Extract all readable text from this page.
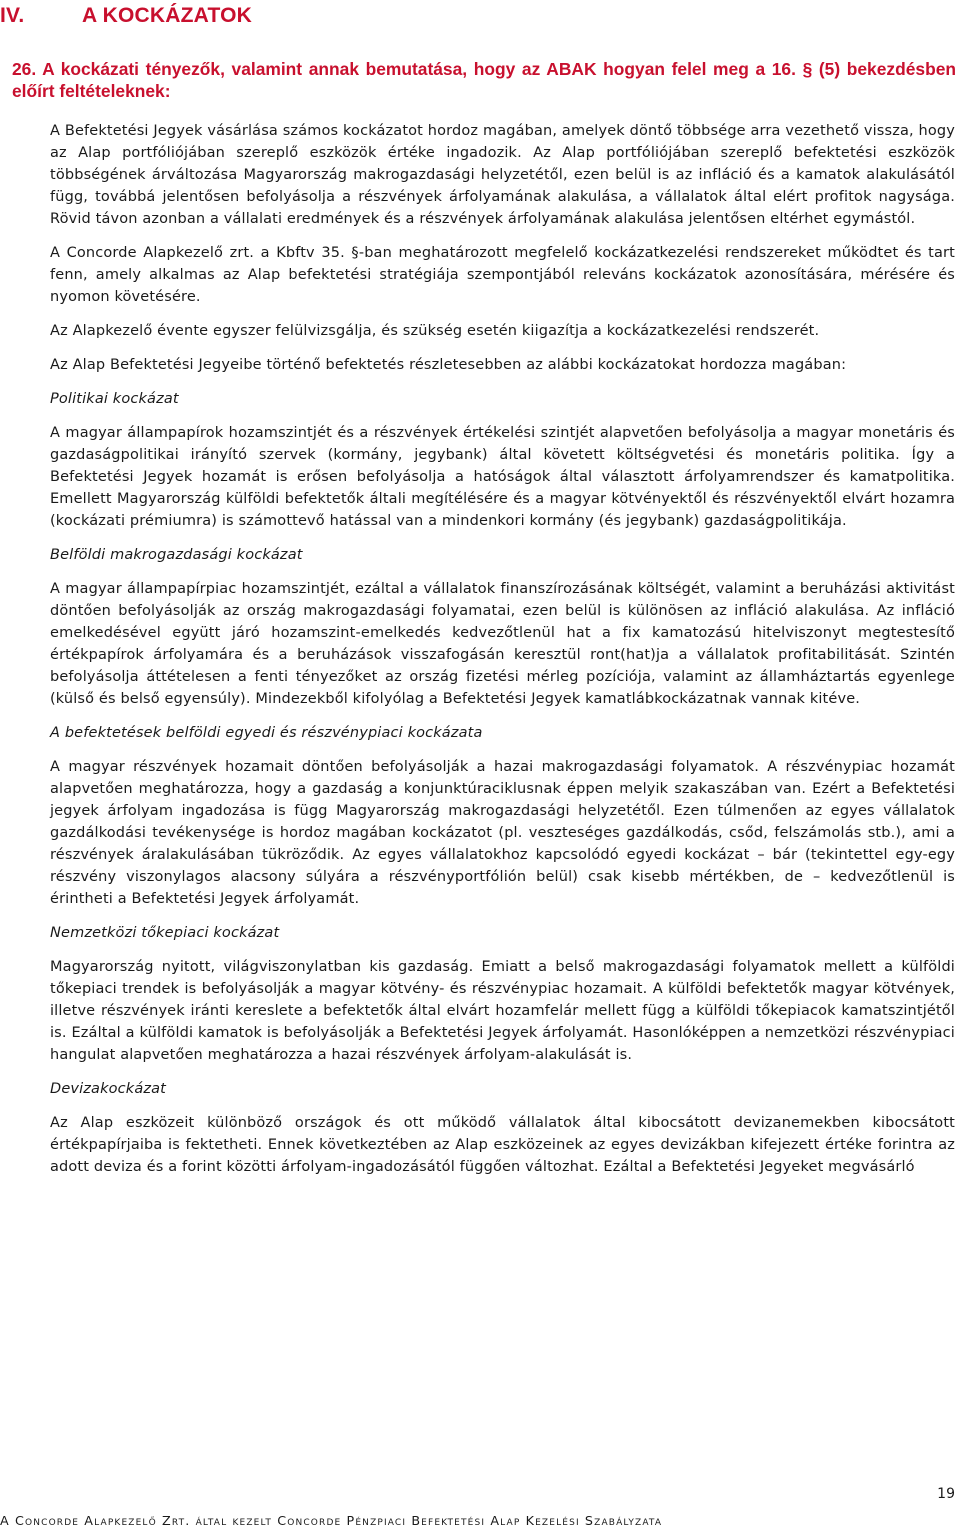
IV.	A KOCKÁZATOK
26. A kockázati tényezők, valamint annak bemutatása, hogy az ABAK hogyan felel meg a 16. § (5) bekezdésben előírt feltételeknek:

A Befektetési Jegyek vásárlása számos kockázatot hordoz magában, amelyek döntő többsége arra vezethető vissza, hogy az Alap portfóliójában szereplő eszközök értéke ingadozik. Az Alap portfóliójában szereplő befektetési eszközök többségének árváltozása Magyarország makrogazdasági helyzetétől, ezen belül is az infláció és a kamatok alakulásától függ, továbbá jelentősen befolyásolja a részvények árfolyamának alakulása, a vállalatok által elért profitok nagysága. Rövid távon azonban a vállalati eredmények és a részvények árfolyamának alakulása jelentősen eltérhet egymástól.

A Concorde Alapkezelő zrt. a Kbftv 35. §-ban meghatározott megfelelő kockázatkezelési rendszereket működtet és tart fenn, amely alkalmas az Alap befektetési stratégiája szempontjából releváns kockázatok azonosítására, mérésére és nyomon követésére.

Az Alapkezelő évente egyszer felülvizsgálja, és szükség esetén kiigazítja a kockázatkezelési rendszerét.

Az Alap Befektetési Jegyeibe történő befektetés részletesebben az alábbi kockázatokat hordozza magában:

Politikai kockázat

A magyar állampapírok hozamszintjét és a részvények értékelési szintjét alapvetően befolyásolja a magyar monetáris és gazdaságpolitikai irányító szervek (kormány, jegybank) által követett költségvetési és monetáris politika. Így a Befektetési Jegyek hozamát is erősen befolyásolja a hatóságok által választott árfolyamrendszer és kamatpolitika. Emellett Magyarország külföldi befektetők általi megítélésére és a magyar kötvényektől és részvényektől elvárt hozamra (kockázati prémiumra) is számottevő hatással van a mindenkori kormány (és jegybank) gazdaságpolitikája.

Belföldi makrogazdasági kockázat

A magyar állampapírpiac hozamszintjét, ezáltal a vállalatok finanszírozásának költségét, valamint a beruházási aktivitást döntően befolyásolják az ország makrogazdasági folyamatai, ezen belül is különösen az infláció alakulása. Az infláció emelkedésével együtt járó hozamszint-emelkedés kedvezőtlenül hat a fix kamatozású hitelviszonyt megtestesítő értékpapírok árfolyamára és a beruházások visszafogásán keresztül ront(hat)ja a vállalatok profitabilitását. Szintén befolyásolja áttételesen a fenti tényezőket az ország fizetési mérleg pozíciója, valamint az államháztartás egyenlege (külső és belső egyensúly). Mindezekből kifolyólag a Befektetési Jegyek kamatlábkockázatnak vannak kitéve.

A befektetések belföldi egyedi és részvénypiaci kockázata

A magyar részvények hozamait döntően befolyásolják a hazai makrogazdasági folyamatok. A részvénypiac hozamát alapvetően meghatározza, hogy a gazdaság a konjunktúraciklusnak éppen melyik szakaszában van. Ezért a Befektetési jegyek árfolyam ingadozása is függ Magyarország makrogazdasági helyzetétől. Ezen túlmenően az egyes vállalatok gazdálkodási tevékenysége is hordoz magában kockázatot (pl. veszteséges gazdálkodás, csőd, felszámolás stb.), ami a részvények áralakulásában tükröződik. Az egyes vállalatokhoz kapcsolódó egyedi kockázat – bár (tekintettel egy-egy részvény viszonylagos alacsony súlyára a részvényportfólión belül) csak kisebb mértékben, de – kedvezőtlenül is érintheti a Befektetési Jegyek árfolyamát.

Nemzetközi tőkepiaci kockázat

Magyarország nyitott, világviszonylatban kis gazdaság. Emiatt a belső makrogazdasági folyamatok mellett a külföldi tőkepiaci trendek is befolyásolják a magyar kötvény- és részvénypiac hozamait. A külföldi befektetők magyar kötvények, illetve részvények iránti kereslete a befektetők által elvárt hozamfelár mellett függ a külföldi tőkepiacok kamatszintjétől is. Ezáltal a külföldi kamatok is befolyásolják a Befektetési Jegyek árfolyamát. Hasonlóképpen a nemzetközi részvénypiaci hangulat alapvetően meghatározza a hazai részvények árfolyam-alakulását is.

Devizakockázat

Az Alap eszközeit különböző országok és ott működő vállalatok által kibocsátott devizanemekben kibocsátott értékpapírjaiba is fektetheti. Ennek következtében az Alap eszközeinek az egyes devizákban kifejezett értéke forintra az adott deviza és a forint közötti árfolyam-ingadozásától függően változhat. Ezáltal a Befektetési Jegyeket megvásárló

19
A Concorde Alapkezelő Zrt. által kezelt Concorde Pénzpiaci Befektetési Alap Kezelési Szabályzata
